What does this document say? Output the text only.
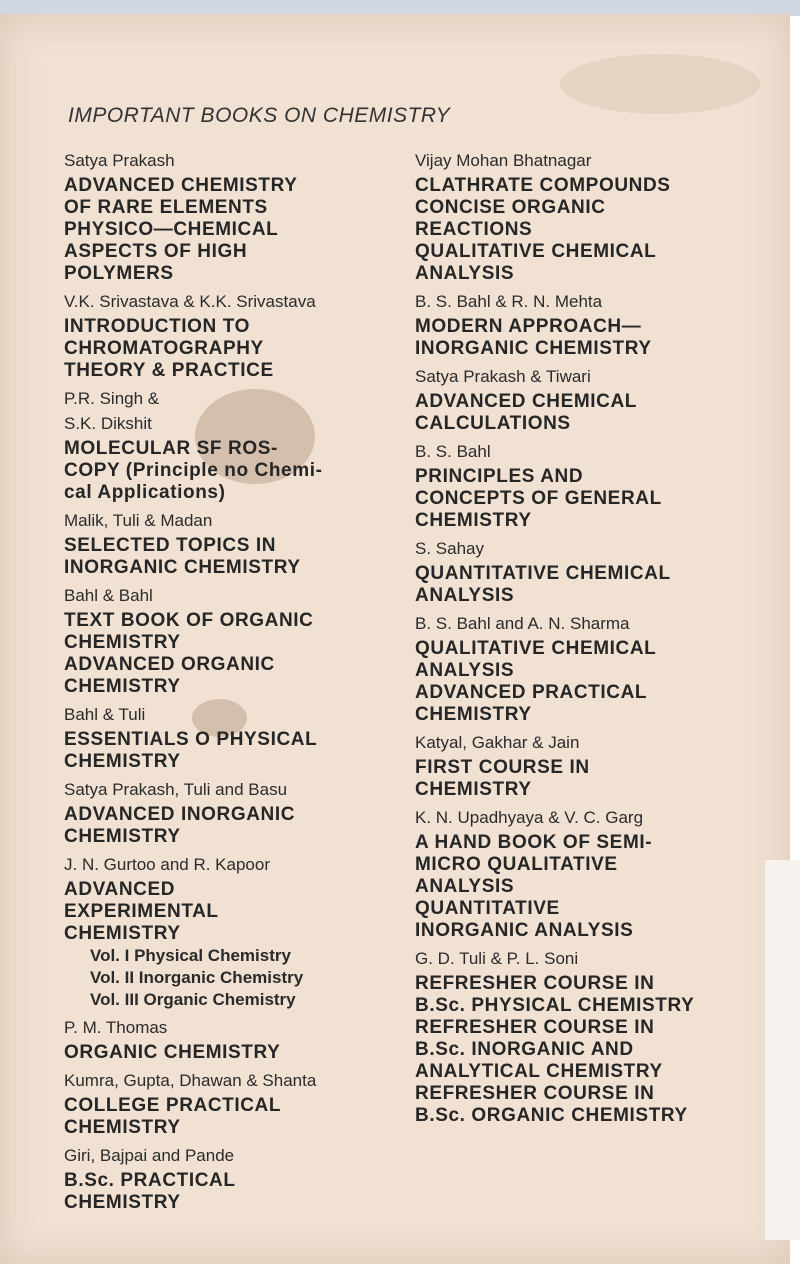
IMPORTANT BOOKS ON CHEMISTRY
Satya Prakash
ADVANCED CHEMISTRY
OF RARE ELEMENTS
PHYSICO—CHEMICAL
ASPECTS OF HIGH
POLYMERS
V.K. Srivastava & K.K. Srivastava
INTRODUCTION TO
CHROMATOGRAPHY
THEORY & PRACTICE
P.R. Singh &
S.K. Dikshit
MOLECULAR SF ROS-
COPY (Principle no Chemi-
cal Applications)
Malik, Tuli & Madan
SELECTED TOPICS IN
INORGANIC CHEMISTRY
Bahl & Bahl
TEXT BOOK OF ORGANIC
CHEMISTRY
ADVANCED ORGANIC
CHEMISTRY
Bahl & Tuli
ESSENTIALS O PHYSICAL
CHEMISTRY
Satya Prakash, Tuli and Basu
ADVANCED INORGANIC
CHEMISTRY
J. N. Gurtoo and R. Kapoor
ADVANCED
EXPERIMENTAL
CHEMISTRY
Vol. I Physical Chemistry
Vol. II Inorganic Chemistry
Vol. III Organic Chemistry
P. M. Thomas
ORGANIC CHEMISTRY
Kumra, Gupta, Dhawan & Shanta
COLLEGE PRACTICAL
CHEMISTRY
Giri, Bajpai and Pande
B.Sc. PRACTICAL
CHEMISTRY
Vijay Mohan Bhatnagar
CLATHRATE COMPOUNDS
CONCISE ORGANIC
REACTIONS
QUALITATIVE CHEMICAL
ANALYSIS
B. S. Bahl & R. N. Mehta
MODERN APPROACH—
INORGANIC CHEMISTRY
Satya Prakash & Tiwari
ADVANCED CHEMICAL
CALCULATIONS
B. S. Bahl
PRINCIPLES AND
CONCEPTS OF GENERAL
CHEMISTRY
S. Sahay
QUANTITATIVE CHEMICAL
ANALYSIS
B. S. Bahl and A. N. Sharma
QUALITATIVE CHEMICAL
ANALYSIS
ADVANCED PRACTICAL
CHEMISTRY
Katyal, Gakhar & Jain
FIRST COURSE IN
CHEMISTRY
K. N. Upadhyaya & V. C. Garg
A HAND BOOK OF SEMI-
MICRO QUALITATIVE
ANALYSIS
QUANTITATIVE
INORGANIC ANALYSIS
G. D. Tuli & P. L. Soni
REFRESHER COURSE IN
B.Sc. PHYSICAL CHEMISTRY
REFRESHER COURSE IN
B.Sc. INORGANIC AND
ANALYTICAL CHEMISTRY
REFRESHER COURSE IN
B.Sc. ORGANIC CHEMISTRY
